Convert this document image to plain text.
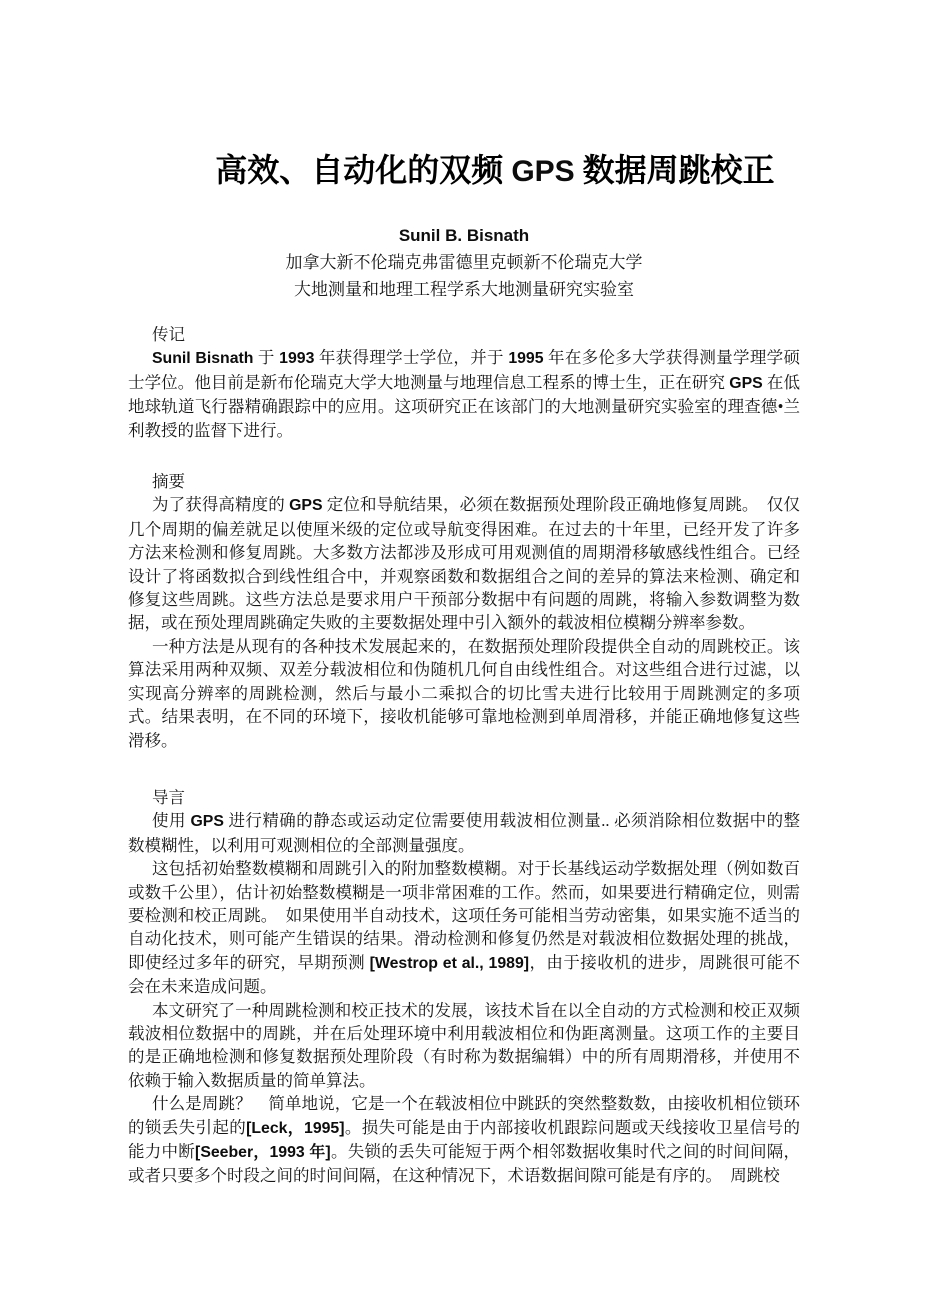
高效、自动化的双频 GPS 数据周跳校正

Sunil B. Bisnath

加拿大新不伦瑞克弗雷德里克顿新不伦瑞克大学

大地测量和地理工程学系大地测量研究实验室

传记

Sunil Bisnath 于 1993 年获得理学士学位，并于 1995 年在多伦多大学获得测量学理学硕士学位。他目前是新布伦瑞克大学大地测量与地理信息工程系的博士生，正在研究 GPS 在低地球轨道飞行器精确跟踪中的应用。这项研究正在该部门的大地测量研究实验室的理查德•兰利教授的监督下进行。

摘要

为了获得高精度的 GPS 定位和导航结果，必须在数据预处理阶段正确地修复周跳。　仅仅几个周期的偏差就足以使厘米级的定位或导航变得困难。在过去的十年里，已经开发了许多方法来检测和修复周跳。大多数方法都涉及形成可用观测值的周期滑移敏感线性组合。已经设计了将函数拟合到线性组合中，并观察函数和数据组合之间的差异的算法来检测、确定和修复这些周跳。这些方法总是要求用户干预部分数据中有问题的周跳，将输入参数调整为数据，或在预处理周跳确定失败的主要数据处理中引入额外的载波相位模糊分辨率参数。

一种方法是从现有的各种技术发展起来的，在数据预处理阶段提供全自动的周跳校正。该算法采用两种双频、双差分载波相位和伪随机几何自由线性组合。对这些组合进行过滤，以实现高分辨率的周跳检测，然后与最小二乘拟合的切比雪夫进行比较用于周跳测定的多项式。结果表明，在不同的环境下，接收机能够可靠地检测到单周滑移，并能正确地修复这些滑移。

导言

使用 GPS 进行精确的静态或运动定位需要使用载波相位测量.. 必须消除相位数据中的整数模糊性，以利用可观测相位的全部测量强度。

这包括初始整数模糊和周跳引入的附加整数模糊。对于长基线运动学数据处理（例如数百或数千公里），估计初始整数模糊是一项非常困难的工作。然而，如果要进行精确定位，则需要检测和校正周跳。　如果使用半自动技术，这项任务可能相当劳动密集，如果实施不适当的自动化技术，则可能产生错误的结果。滑动检测和修复仍然是对载波相位数据处理的挑战，即使经过多年的研究，早期预测 [Westrop et al., 1989]，由于接收机的进步，周跳很可能不会在未来造成问题。

本文研究了一种周跳检测和校正技术的发展，该技术旨在以全自动的方式检测和校正双频载波相位数据中的周跳，并在后处理环境中利用载波相位和伪距离测量。这项工作的主要目的是正确地检测和修复数据预处理阶段（有时称为数据编辑）中的所有周期滑移，并使用不依赖于输入数据质量的简单算法。

什么是周跳？　简单地说，它是一个在载波相位中跳跃的突然整数数，由接收机相位锁环的锁丢失引起的[Leck，1995]。损失可能是由于内部接收机跟踪问题或天线接收卫星信号的能力中断[Seeber，1993 年]。失锁的丢失可能短于两个相邻数据收集时代之间的时间间隔，或者只要多个时段之间的时间间隔，在这种情况下，术语数据间隙可能是有序的。　周跳校
